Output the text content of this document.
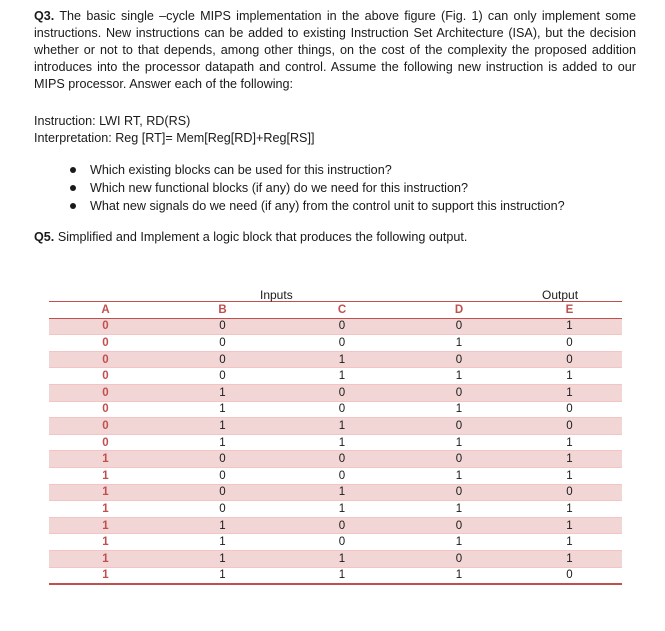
Q3. The basic single –cycle MIPS implementation in the above figure (Fig. 1) can only implement some instructions. New instructions can be added to existing Instruction Set Architecture (ISA), but the decision whether or not to that depends, among other things, on the cost of the complexity the proposed addition introduces into the processor datapath and control. Assume the following new instruction is added to our MIPS processor. Answer each of the following:

Instruction: LWI RT, RD(RS)
Interpretation: Reg [RT]= Mem[Reg[RD]+Reg[RS]]
Which existing blocks can be used for this instruction?
Which new functional blocks (if any) do we need for this instruction?
What new signals do we need (if any) from the control unit to support this instruction?

Q5. Simplified and Implement a logic block that produces the following output.

Inputs	Output
A	B	C	D	E
0	0	0	0	1
0	0	0	1	0
0	0	1	0	0
0	0	1	1	1
0	1	0	0	1
0	1	0	1	0
0	1	1	0	0
0	1	1	1	1
1	0	0	0	1
1	0	0	1	1
1	0	1	0	0
1	0	1	1	1
1	1	0	0	1
1	1	0	1	1
1	1	1	0	1
1	1	1	1	0
